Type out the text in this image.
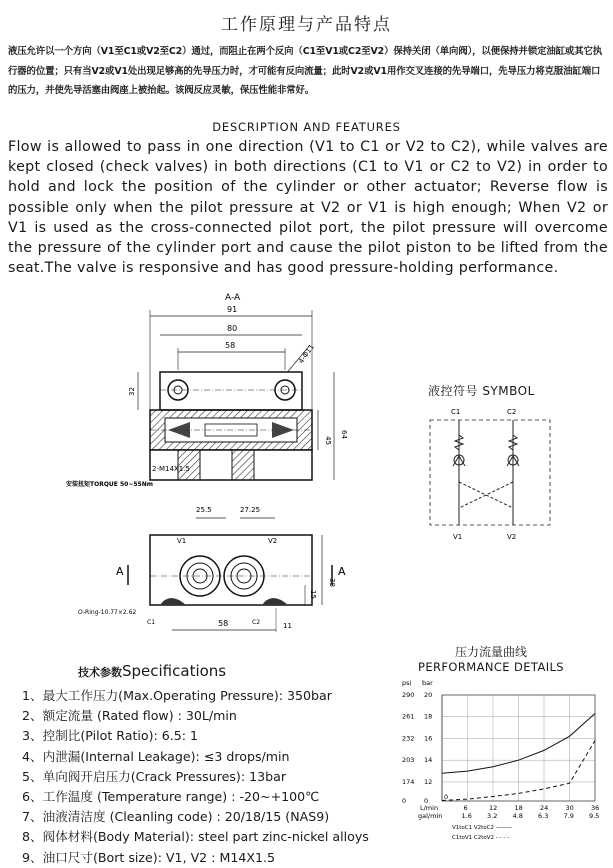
工作原理与产品特点
液压允许以一个方向（V1至C1或V2至C2）通过，而阻止在两个反向（C1至V1或C2至V2）保持关闭（单向阀），以便保持并锁定油缸或其它执行器的位置；只有当V2或V1处出现足够高的先导压力时，才可能有反向流量；此时V2或V1用作交叉连接的先导端口，先导压力将克服油缸端口的压力，并使先导活塞由阀座上被抬起。该阀反应灵敏，保压性能非常好。
DESCRIPTION AND FEATURES
Flow is allowed to pass in one direction (V1 to C1 or V2 to C2), while valves are kept closed (check valves) in both directions (C1 to V1 or C2 to V2) in order to hold and lock the position of the cylinder or other actuator; Reverse flow is possible only when the pilot pressure at V2 or V1 is high enough; When V2 or V1 is used as the cross-connected pilot port, the pilot pressure will overcome the pressure of the cylinder port and cause the pilot piston to be lifted from the seat.The valve is responsive and has good pressure-holding performance.
A-A
91
80
58	4-Φ11
32
45
64
2-M14X1.5
安装扭矩TORQUE 50~55Nm
25.5	27.25
V1	V2
A	A
C1	C2
O-Ring-10.77×2.62
38
15
58	11
液控符号 SYMBOL
C1	C2
V1	V2
技术参数Specifications
1、最大工作压力(Max.Operating Pressure): 350bar
2、额定流量 (Rated flow) : 30L/min
3、控制比(Pilot Ratio): 6.5: 1
4、内泄漏(Internal Leakage): ≤3 drops/min
5、单向阀开启压力(Crack Pressures): 13bar
6、工作温度 (Temperature range) : -20~+100℃
7、油液清洁度 (Cleanling code) : 20/18/15 (NAS9)
8、阀体材料(Body Material): steel part zinc-nickel alloys
9、油口尺寸(Bort size): V1, V2 : M14X1.5
压力流量曲线
PERFORMANCE DETAILS
psi bar
290 20
261 18
232 16
203 14
174 12
0	0
L/min
gal/min
6
1.6
12
3.2
18
4.8
24
6.3
30
7.9
36
9.5
0
V1toC1 V2toC2 ———
C1toV1 C2toV2 - - - -
